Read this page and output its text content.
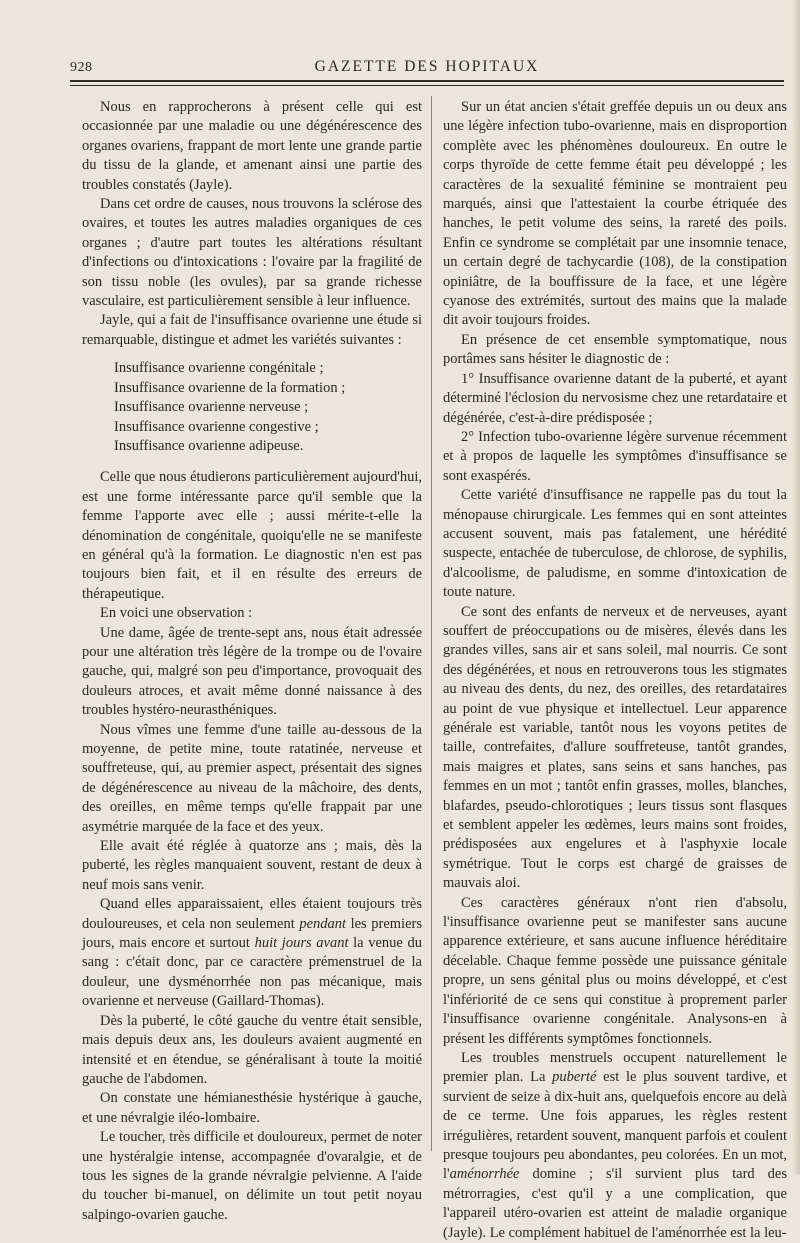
928	GAZETTE DES HOPITAUX

Nous en rapprocherons à présent celle qui est occasionnée par une maladie ou une dégénérescence des organes ovariens, frappant de mort lente une grande partie du tissu de la glande, et amenant ainsi une partie des troubles constatés (Jayle).

Dans cet ordre de causes, nous trouvons la sclérose des ovaires, et toutes les autres maladies organiques de ces organes ; d'autre part toutes les altérations résultant d'infections ou d'intoxications : l'ovaire par la fragilité de son tissu noble (les ovules), par sa grande richesse vasculaire, est particulièrement sensible à leur influence.

Jayle, qui a fait de l'insuffisance ovarienne une étude si remarquable, distingue et admet les variétés suivantes :

Insuffisance ovarienne congénitale ;
Insuffisance ovarienne de la formation ;
Insuffisance ovarienne nerveuse ;
Insuffisance ovarienne congestive ;
Insuffisance ovarienne adipeuse.

Celle que nous étudierons particulièrement aujourd'hui, est une forme intéressante parce qu'il semble que la femme l'apporte avec elle ; aussi mérite-t-elle la dénomination de congénitale, quoiqu'elle ne se manifeste en général qu'à la formation. Le diagnostic n'en est pas toujours bien fait, et il en résulte des erreurs de thérapeutique.

En voici une observation :

Une dame, âgée de trente-sept ans, nous était adressée pour une altération très légère de la trompe ou de l'ovaire gauche, qui, malgré son peu d'importance, provoquait des douleurs atroces, et avait même donné naissance à des troubles hystéro-neurasthéniques.

Nous vîmes une femme d'une taille au-dessous de la moyenne, de petite mine, toute ratatinée, nerveuse et souffreteuse, qui, au premier aspect, présentait des signes de dégénérescence au niveau de la mâchoire, des dents, des oreilles, en même temps qu'elle frappait par une asymétrie marquée de la face et des yeux.

Elle avait été réglée à quatorze ans ; mais, dès la puberté, les règles manquaient souvent, restant de deux à neuf mois sans venir.

Quand elles apparaissaient, elles étaient toujours très douloureuses, et cela non seulement pendant les premiers jours, mais encore et surtout huit jours avant la venue du sang : c'était donc, par ce caractère prémenstruel de la douleur, une dysménorrhée non pas mécanique, mais ovarienne et nerveuse (Gaillard-Thomas).

Dès la puberté, le côté gauche du ventre était sensible, mais depuis deux ans, les douleurs avaient augmenté en intensité et en étendue, se généralisant à toute la moitié gauche de l'abdomen.

On constate une hémianesthésie hystérique à gauche, et une névralgie iléo-lombaire.

Le toucher, très difficile et douloureux, permet de noter une hystéralgie intense, accompagnée d'ovaralgie, et de tous les signes de la grande névralgie pelvienne. A l'aide du toucher bi-manuel, on délimite un tout petit noyau salpingo-ovarien gauche.

Sur un état ancien s'était greffée depuis un ou deux ans une légère infection tubo-ovarienne, mais en disproportion complète avec les phénomènes douloureux. En outre le corps thyroïde de cette femme était peu développé ; les caractères de la sexualité féminine se montraient peu marqués, ainsi que l'attestaient la courbe étriquée des hanches, le petit volume des seins, la rareté des poils. Enfin ce syndrome se complétait par une insomnie tenace, un certain degré de tachycardie (108), de la constipation opiniâtre, de la bouffissure de la face, et une légère cyanose des extrémités, surtout des mains que la malade dit avoir toujours froides.

En présence de cet ensemble symptomatique, nous portâmes sans hésiter le diagnostic de :

1° Insuffisance ovarienne datant de la puberté, et ayant déterminé l'éclosion du nervosisme chez une retardataire et dégénérée, c'est-à-dire prédisposée ;

2° Infection tubo-ovarienne légère survenue récemment et à propos de laquelle les symptômes d'insuffisance se sont exaspérés.

Cette variété d'insuffisance ne rappelle pas du tout la ménopause chirurgicale. Les femmes qui en sont atteintes accusent souvent, mais pas fatalement, une hérédité suspecte, entachée de tuberculose, de chlorose, de syphilis, d'alcoolisme, de paludisme, en somme d'intoxication de toute nature.

Ce sont des enfants de nerveux et de nerveuses, ayant souffert de préoccupations ou de misères, élevés dans les grandes villes, sans air et sans soleil, mal nourris. Ce sont des dégénérées, et nous en retrouverons tous les stigmates au niveau des dents, du nez, des oreilles, des retardataires au point de vue physique et intellectuel. Leur apparence générale est variable, tantôt nous les voyons petites de taille, contrefaites, d'allure souffreteuse, tantôt grandes, mais maigres et plates, sans seins et sans hanches, pas femmes en un mot ; tantôt enfin grasses, molles, blanches, blafardes, pseudo-chlorotiques ; leurs tissus sont flasques et semblent appeler les œdèmes, leurs mains sont froides, prédisposées aux engelures et à l'asphyxie locale symétrique. Tout le corps est chargé de graisses de mauvais aloi.

Ces caractères généraux n'ont rien d'absolu, l'insuffisance ovarienne peut se manifester sans aucune apparence extérieure, et sans aucune influence héréditaire décelable. Chaque femme possède une puissance génitale propre, un sens génital plus ou moins développé, et c'est l'infériorité de ce sens qui constitue à proprement parler l'insuffisance ovarienne congénitale. Analysons-en à présent les différents symptômes fonctionnels.

Les troubles menstruels occupent naturellement le premier plan. La puberté est le plus souvent tardive, et survient de seize à dix-huit ans, quelquefois encore au delà de ce terme. Une fois apparues, les règles restent irrégulières, retardent souvent, manquent parfois et coulent presque toujours peu abondantes, peu colorées. En un mot, l'aménorrhée domine ; s'il survient plus tard des métrorragies, c'est qu'il y a une complication, que l'appareil utéro-ovarien est atteint de maladie organique (Jayle). Le complément habituel de l'aménorrhée est la leu-
